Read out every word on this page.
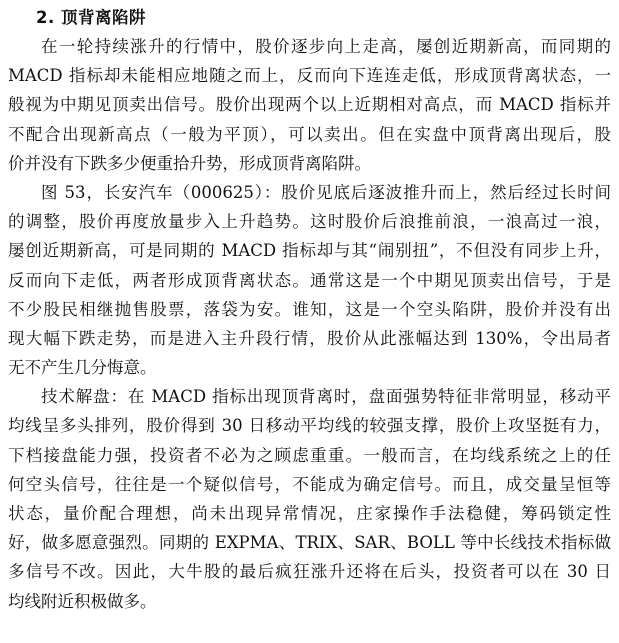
2. 顶背离陷阱
在一轮持续涨升的行情中，股价逐步向上走高，屡创近期新高，而同期的
MACD 指标却未能相应地随之而上，反而向下连连走低，形成顶背离状态，一
般视为中期见顶卖出信号。股价出现两个以上近期相对高点，而 MACD 指标并
不配合出现新高点（一般为平顶），可以卖出。但在实盘中顶背离出现后，股
价并没有下跌多少便重拾升势，形成顶背离陷阱。
图 53，长安汽车（000625）：股价见底后逐波推升而上，然后经过长时间
的调整，股价再度放量步入上升趋势。这时股价后浪推前浪，一浪高过一浪，
屡创近期新高，可是同期的 MACD 指标却与其“闹别扭”，不但没有同步上升，
反而向下走低，两者形成顶背离状态。通常这是一个中期见顶卖出信号，于是
不少股民相继抛售股票，落袋为安。谁知，这是一个空头陷阱，股价并没有出
现大幅下跌走势，而是进入主升段行情，股价从此涨幅达到 130%，令出局者
无不产生几分悔意。
技术解盘：在 MACD 指标出现顶背离时，盘面强势特征非常明显，移动平
均线呈多头排列，股价得到 30 日移动平均线的较强支撑，股价上攻坚挺有力，
下档接盘能力强，投资者不必为之顾虑重重。一般而言，在均线系统之上的任
何空头信号，往往是一个疑似信号，不能成为确定信号。而且，成交量呈恒等
状态，量价配合理想，尚未出现异常情况，庄家操作手法稳健，筹码锁定性
好，做多愿意强烈。同期的 EXPMA、TRIX、SAR、BOLL 等中长线技术指标做
多信号不改。因此，大牛股的最后疯狂涨升还将在后头，投资者可以在 30 日
均线附近积极做多。
